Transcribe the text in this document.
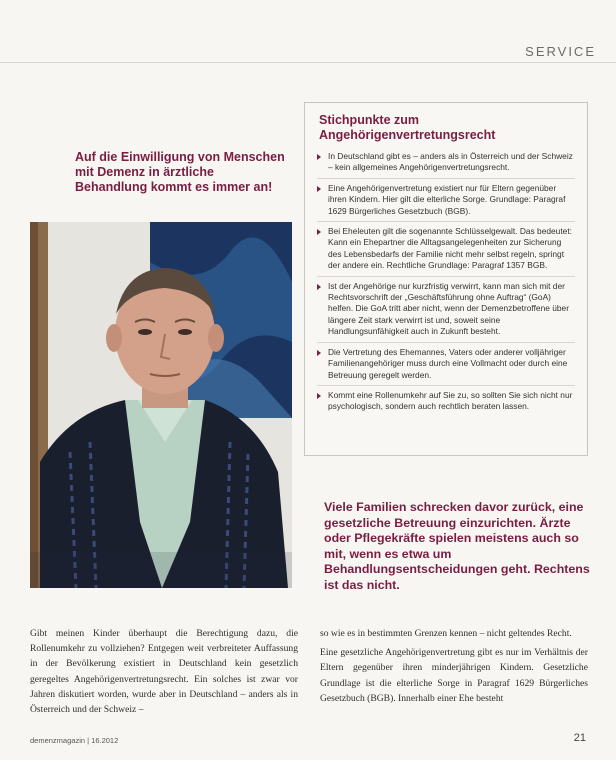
SERVICE
Auf die Einwilligung von Menschen mit Demenz in ärztliche Behandlung kommt es immer an!
Stichpunkte zum Angehörigenvertretungsrecht
In Deutschland gibt es – anders als in Österreich und der Schweiz – kein allgemeines Angehörigenvertretungsrecht.
Eine Angehörigenvertretung existiert nur für Eltern gegenüber ihren Kindern. Hier gilt die elterliche Sorge. Grundlage: Paragraf 1629 Bürgerliches Gesetzbuch (BGB).
Bei Eheleuten gilt die sogenannte Schlüsselgewalt. Das bedeutet: Kann ein Ehepartner die Alltagsangelegenheiten zur Sicherung des Lebensbedarfs der Familie nicht mehr selbst regeln, springt der andere ein. Rechtliche Grundlage: Paragraf 1357 BGB.
Ist der Angehörige nur kurzfristig verwirrt, kann man sich mit der Rechtsvorschrift der „Geschäftsführung ohne Auftrag“ (GoA) helfen. Die GoA tritt aber nicht, wenn der Demenzbetroffene über längere Zeit stark verwirrt ist und, soweit seine Handlungsunfähigkeit auch in Zukunft besteht.
Die Vertretung des Ehemannes, Vaters oder anderer volljähriger Familienangehöriger muss durch eine Vollmacht oder durch eine Betreuung geregelt werden.
Kommt eine Rollenumkehr auf Sie zu, so sollten Sie sich nicht nur psychologisch, sondern auch rechtlich beraten lassen.
Viele Familien schrecken davor zurück, eine gesetzliche Betreuung einzurichten. Ärzte oder Pflegekräfte spielen meistens auch so mit, wenn es etwa um Behandlungsentscheidungen geht. Rechtens ist das nicht.

Gibt meinen Kinder überhaupt die Berechtigung dazu, die Rollenumkehr zu vollziehen? Entgegen weit verbreiteter Auffassung in der Bevölkerung existiert in Deutschland kein gesetzlich geregeltes Angehörigenvertretungsrecht. Ein solches ist zwar vor Jahren diskutiert worden, wurde aber in Deutschland – anders als in Österreich und der Schweiz –

so wie es in bestimmten Grenzen kennen – nicht geltendes Recht.

Eine gesetzliche Angehörigenvertretung gibt es nur im Verhältnis der Eltern gegenüber ihren minderjährigen Kindern. Gesetzliche Grundlage ist die elterliche Sorge in Paragraf 1629 Bürgerliches Gesetzbuch (BGB). Innerhalb einer Ehe besteht

demenzmagazin | 16.2012	21
